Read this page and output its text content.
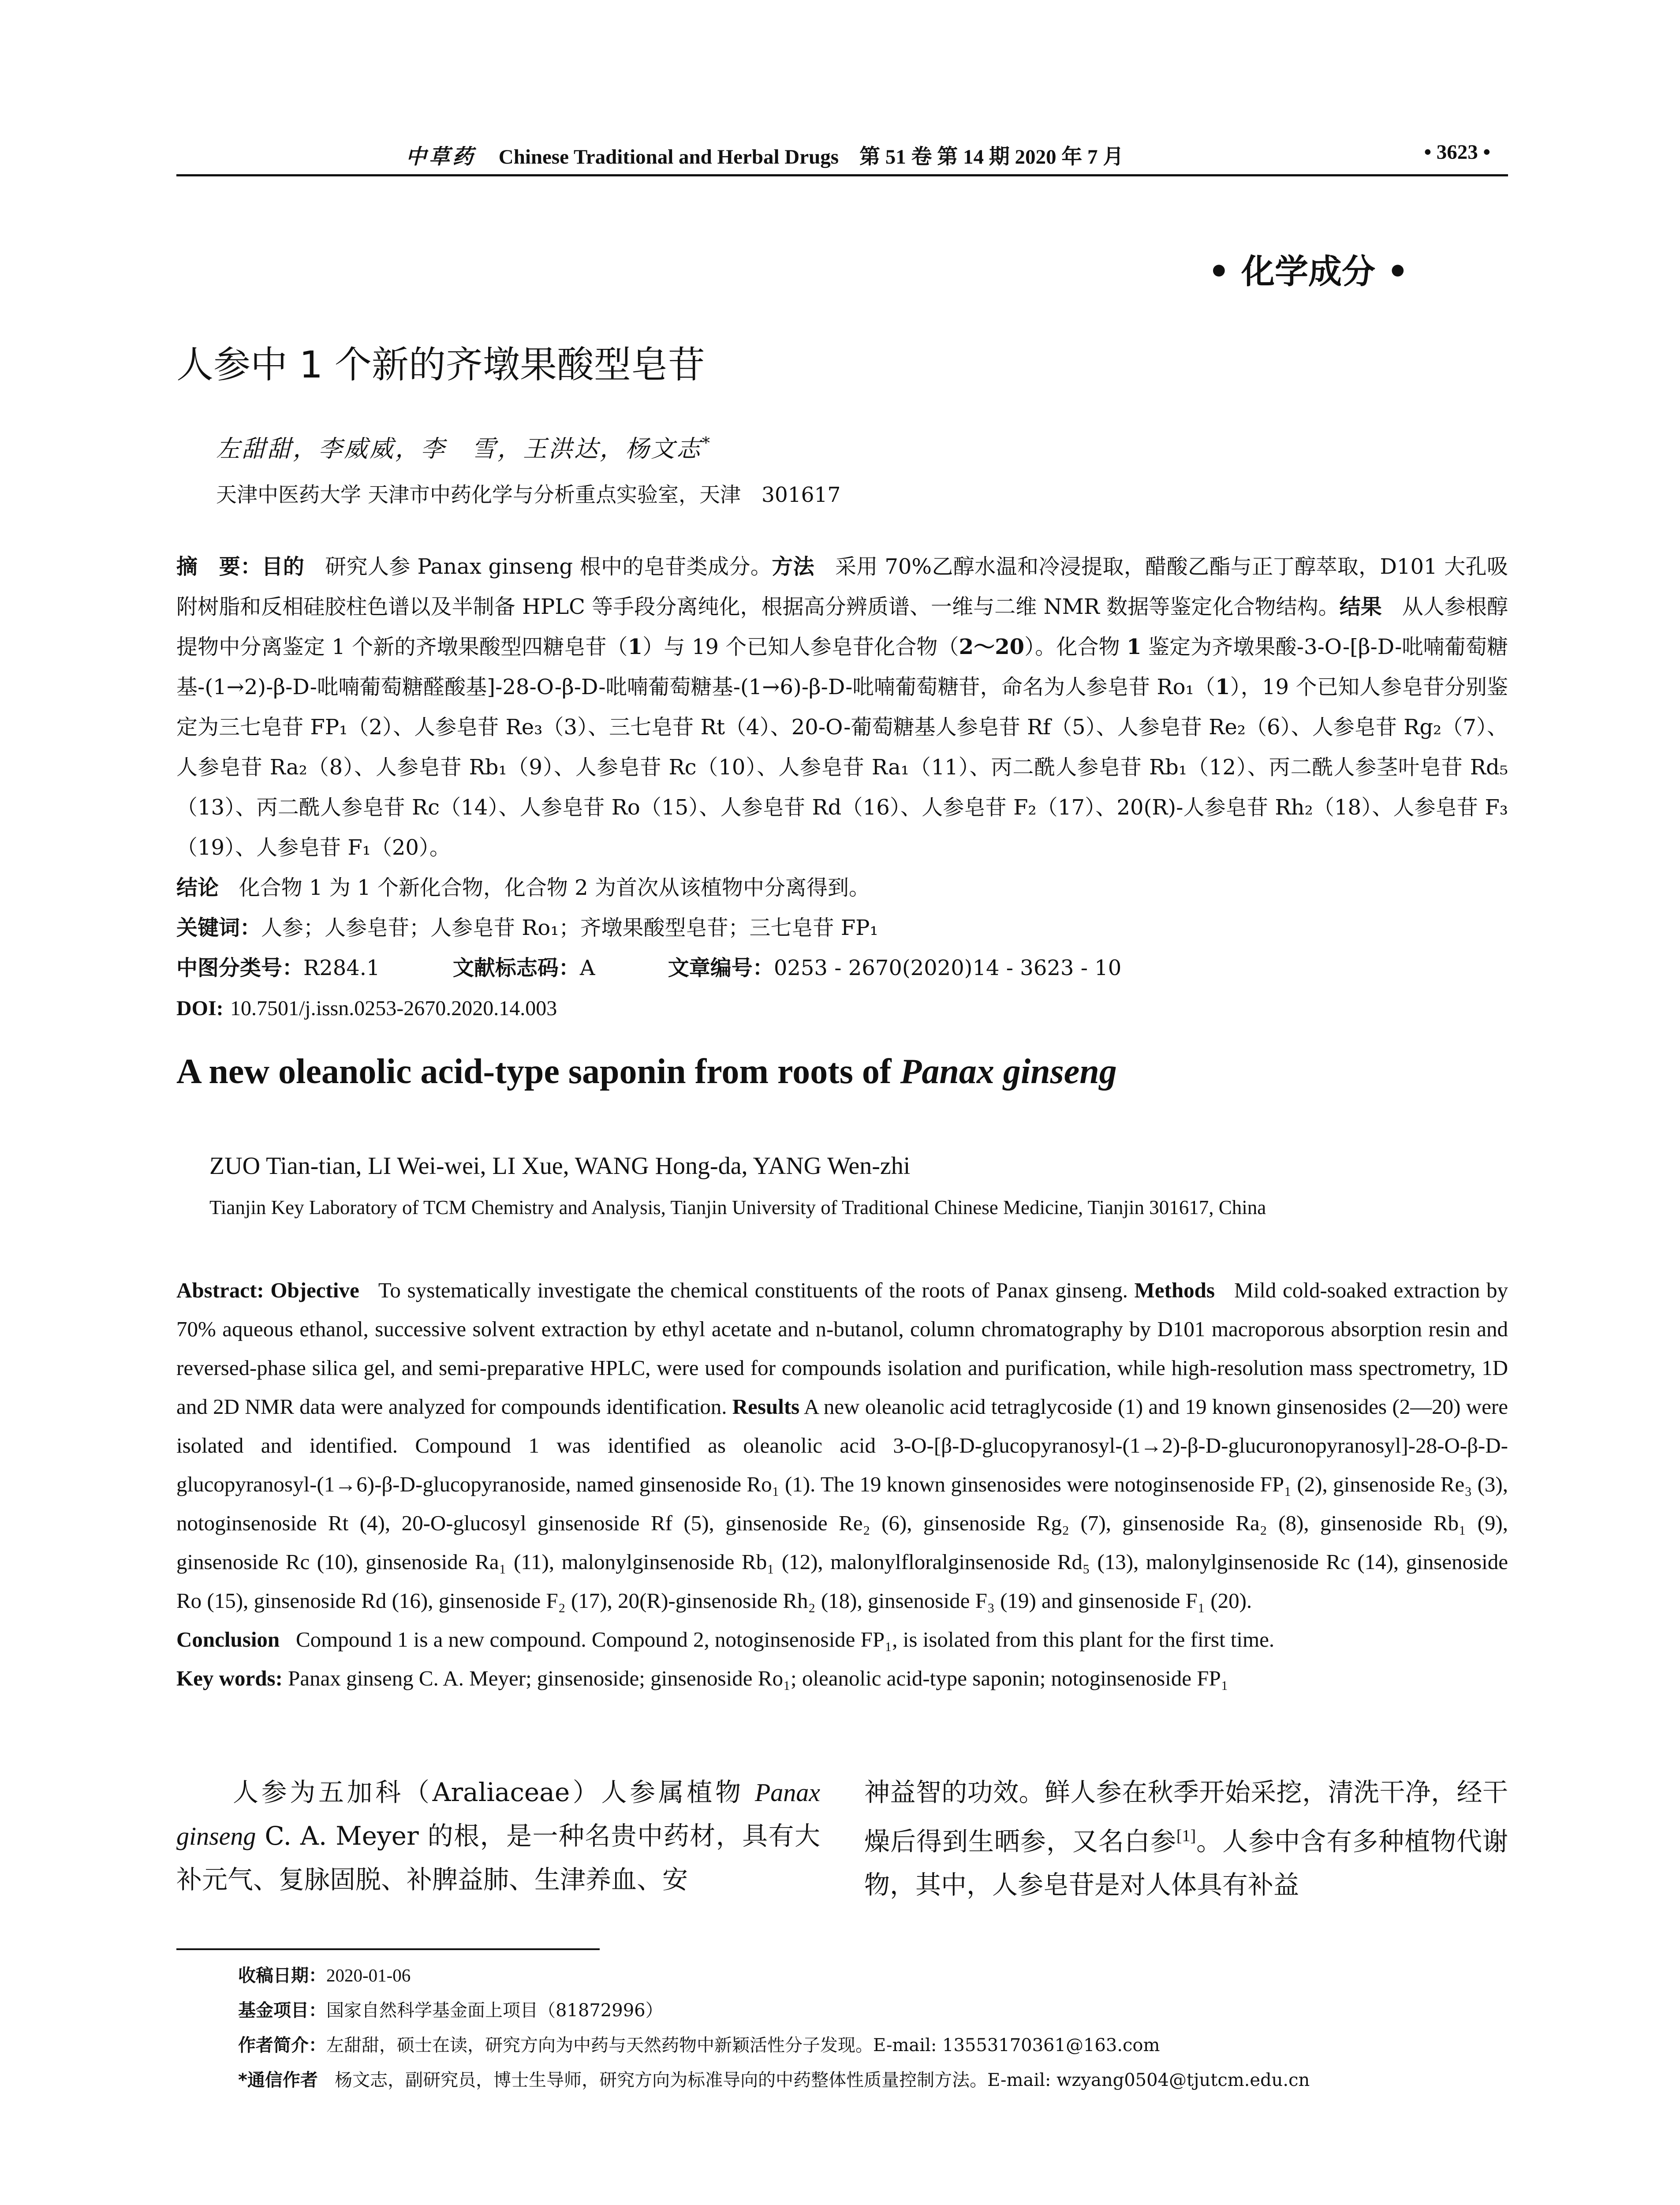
中草药 Chinese Traditional and Herbal Drugs 第 51 卷 第 14 期 2020 年 7 月	• 3623 •
• 化学成分 •
人参中 1 个新的齐墩果酸型皂苷
左甜甜，李威威，李　雪，王洪达，杨文志*
天津中医药大学 天津市中药化学与分析重点实验室，天津　301617
摘　要：目的 研究人参 Panax ginseng 根中的皂苷类成分。方法 采用 70%乙醇水温和冷浸提取，醋酸乙酯与正丁醇萃取，D101 大孔吸附树脂和反相硅胶柱色谱以及半制备 HPLC 等手段分离纯化，根据高分辨质谱、一维与二维 NMR 数据等鉴定化合物结构。结果 从人参根醇提物中分离鉴定 1 个新的齐墩果酸型四糖皂苷（1）与 19 个已知人参皂苷化合物（2～20）。化合物 1 鉴定为齐墩果酸-3-O-[β-D-吡喃葡萄糖基-(1→2)-β-D-吡喃葡萄糖醛酸基]-28-O-β-D-吡喃葡萄糖基-(1→6)-β-D-吡喃葡萄糖苷，命名为人参皂苷 Ro₁（1），19 个已知人参皂苷分别鉴定为三七皂苷 FP₁（2）、人参皂苷 Re₃（3）、三七皂苷 Rt（4）、20-O-葡萄糖基人参皂苷 Rf（5）、人参皂苷 Re₂（6）、人参皂苷 Rg₂（7）、人参皂苷 Ra₂（8）、人参皂苷 Rb₁（9）、人参皂苷 Rc（10）、人参皂苷 Ra₁（11）、丙二酰人参皂苷 Rb₁（12）、丙二酰人参茎叶皂苷 Rd₅（13）、丙二酰人参皂苷 Rc（14）、人参皂苷 Ro（15）、人参皂苷 Rd（16）、人参皂苷 F₂（17）、20(R)-人参皂苷 Rh₂（18）、人参皂苷 F₃（19）、人参皂苷 F₁（20）。
结论 化合物 1 为 1 个新化合物，化合物 2 为首次从该植物中分离得到。
关键词：人参；人参皂苷；人参皂苷 Ro₁；齐墩果酸型皂苷；三七皂苷 FP₁
中图分类号：R284.1	文献标志码：A	文章编号：0253 - 2670(2020)14 - 3623 - 10
DOI: 10.7501/j.issn.0253-2670.2020.14.003
A new oleanolic acid-type saponin from roots of Panax ginseng
ZUO Tian-tian, LI Wei-wei, LI Xue, WANG Hong-da, YANG Wen-zhi
Tianjin Key Laboratory of TCM Chemistry and Analysis, Tianjin University of Traditional Chinese Medicine, Tianjin 301617, China
Abstract: Objective To systematically investigate the chemical constituents of the roots of Panax ginseng. Methods Mild cold-soaked extraction by 70% aqueous ethanol, successive solvent extraction by ethyl acetate and n-butanol, column chromatography by D101 macroporous absorption resin and reversed-phase silica gel, and semi-preparative HPLC, were used for compounds isolation and purification, while high-resolution mass spectrometry, 1D and 2D NMR data were analyzed for compounds identification. Results A new oleanolic acid tetraglycoside (1) and 19 known ginsenosides (2—20) were isolated and identified. Compound 1 was identified as oleanolic acid 3-O-[β-D-glucopyranosyl-(1→2)-β-D-glucuronopyranosyl]-28-O-β-D-glucopyranosyl-(1→6)-β-D-glucopyranoside, named ginsenoside Ro₁ (1). The 19 known ginsenosides were notoginsenoside FP₁ (2), ginsenoside Re₃ (3), notoginsenoside Rt (4), 20-O-glucosyl ginsenoside Rf (5), ginsenoside Re₂ (6), ginsenoside Rg₂ (7), ginsenoside Ra₂ (8), ginsenoside Rb₁ (9), ginsenoside Rc (10), ginsenoside Ra₁ (11), malonylginsenoside Rb₁ (12), malonylfloralginsenoside Rd₅ (13), malonylginsenoside Rc (14), ginsenoside Ro (15), ginsenoside Rd (16), ginsenoside F₂ (17), 20(R)-ginsenoside Rh₂ (18), ginsenoside F₃ (19) and ginsenoside F₁ (20).
Conclusion Compound 1 is a new compound. Compound 2, notoginsenoside FP₁, is isolated from this plant for the first time.
Key words: Panax ginseng C. A. Meyer; ginsenoside; ginsenoside Ro₁; oleanolic acid-type saponin; notoginsenoside FP₁
人参为五加科（Araliaceae）人参属植物 Panax ginseng C. A. Meyer 的根，是一种名贵中药材，具有大补元气、复脉固脱、补脾益肺、生津养血、安
神益智的功效。鲜人参在秋季开始采挖，清洗干净，经干燥后得到生晒参，又名白参[1]。人参中含有多种植物代谢物，其中，人参皂苷是对人体具有补益
收稿日期：2020-01-06
基金项目：国家自然科学基金面上项目（81872996）
作者简介：左甜甜，硕士在读，研究方向为中药与天然药物中新颖活性分子发现。E-mail: 13553170361@163.com
*通信作者 杨文志，副研究员，博士生导师，研究方向为标准导向的中药整体性质量控制方法。E-mail: wzyang0504@tjutcm.edu.cn
